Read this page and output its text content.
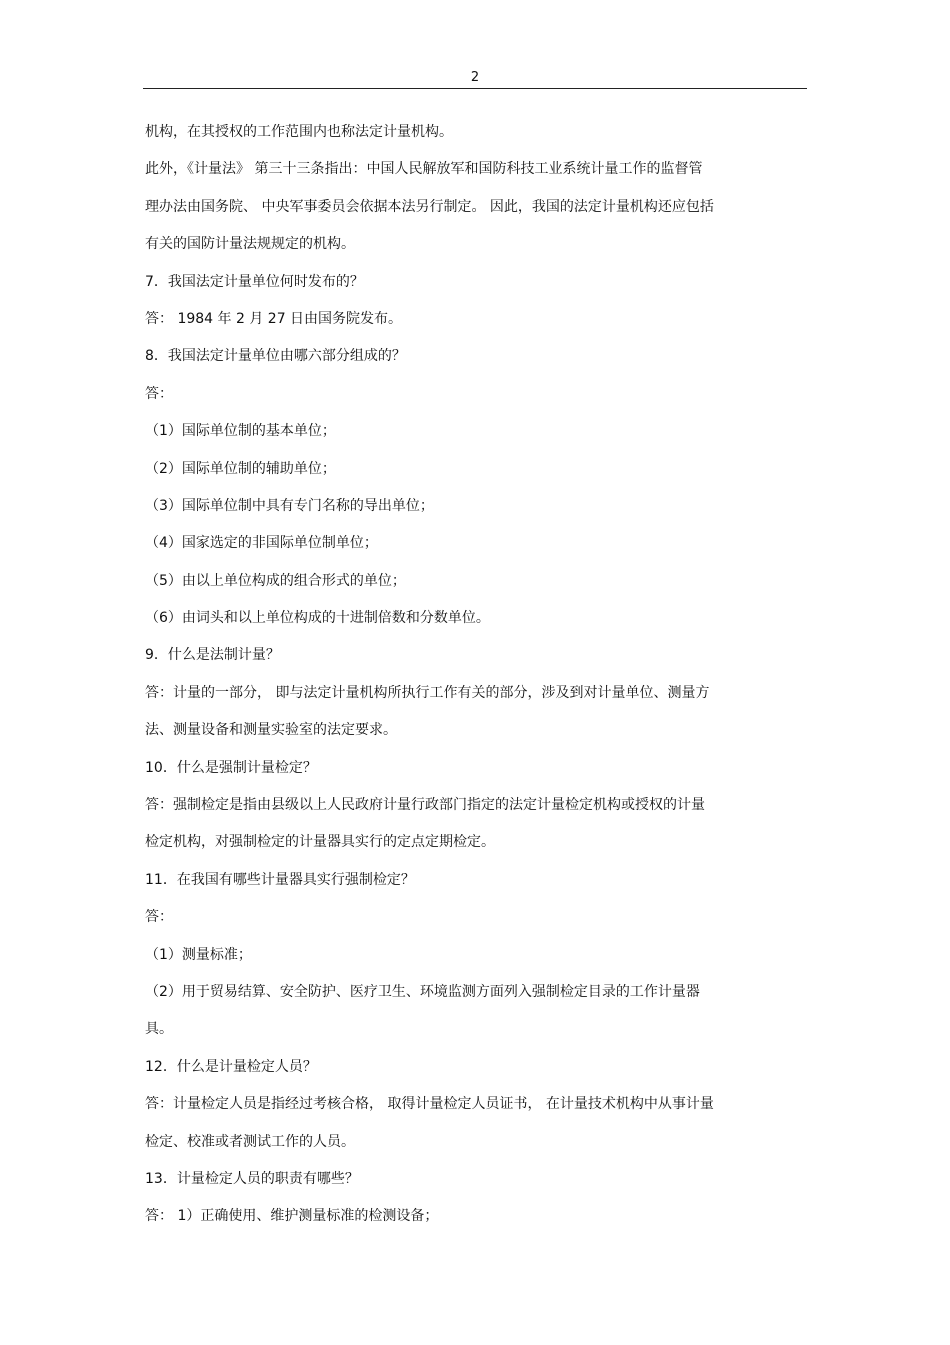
2
机构，在其授权的工作范围内也称法定计量机构。
此外，《计量法》 第三十三条指出：中国人民解放军和国防科技工业系统计量工作的监督管
理办法由国务院、 中央军事委员会依据本法另行制定。 因此，我国的法定计量机构还应包括
有关的国防计量法规规定的机构。
7．我国法定计量单位何时发布的？
答： 1984 年 2 月 27 日由国务院发布。
8．我国法定计量单位由哪六部分组成的？
答：
（1）国际单位制的基本单位；
（2）国际单位制的辅助单位；
（3）国际单位制中具有专门名称的导出单位；
（4）国家选定的非国际单位制单位；
（5）由以上单位构成的组合形式的单位；
（6）由词头和以上单位构成的十进制倍数和分数单位。
9．什么是法制计量？
答：计量的一部分， 即与法定计量机构所执行工作有关的部分，涉及到对计量单位、测量方
法、测量设备和测量实验室的法定要求。
10．什么是强制计量检定？
答：强制检定是指由县级以上人民政府计量行政部门指定的法定计量检定机构或授权的计量
检定机构，对强制检定的计量器具实行的定点定期检定。
11．在我国有哪些计量器具实行强制检定？
答：
（1）测量标准；
（2）用于贸易结算、安全防护、医疗卫生、环境监测方面列入强制检定目录的工作计量器
具。
12．什么是计量检定人员？
答：计量检定人员是指经过考核合格， 取得计量检定人员证书， 在计量技术机构中从事计量
检定、校准或者测试工作的人员。
13．计量检定人员的职责有哪些？
答： 1）正确使用、维护测量标准的检测设备；
